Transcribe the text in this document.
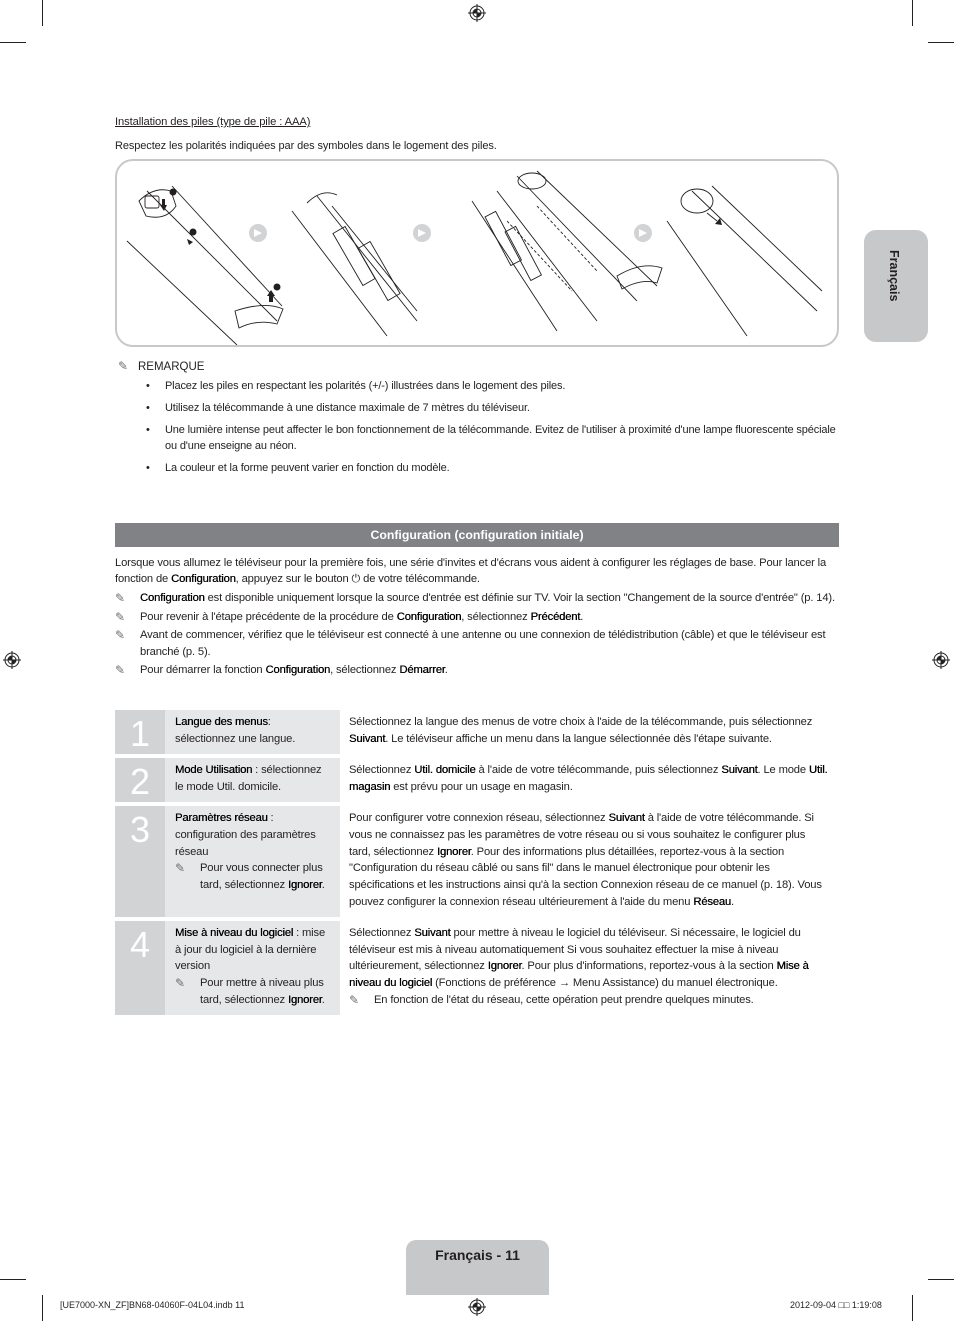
Installation des piles (type de pile : AAA)
Respectez les polarités indiquées par des symboles dans le logement des piles.
✎ REMARQUE
• Placez les piles en respectant les polarités (+/-) illustrées dans le logement des piles.
• Utilisez la télécommande à une distance maximale de 7 mètres du téléviseur.
• Une lumière intense peut affecter le bon fonctionnement de la télécommande. Evitez de l'utiliser à proximité d'une lampe fluorescente spéciale ou d'une enseigne au néon.
• La couleur et la forme peuvent varier en fonction du modèle.
Configuration (configuration initiale)
Lorsque vous allumez le téléviseur pour la première fois, une série d'invites et d'écrans vous aident à configurer les réglages de base. Pour lancer la fonction de Configuration, appuyez sur le bouton ⏻ de votre télécommande.
✎	Configuration est disponible uniquement lorsque la source d'entrée est définie sur TV. Voir la section "Changement de la source d'entrée" (p. 14).
✎	Pour revenir à l'étape précédente de la procédure de Configuration, sélectionnez Précédent.
✎	Avant de commencer, vérifiez que le téléviseur est connecté à une antenne ou une connexion de télédistribution (câble) et que le téléviseur est branché (p. 5).
✎	Pour démarrer la fonction Configuration, sélectionnez Démarrer.
1	Langue des menus: sélectionnez une langue.
Sélectionnez la langue des menus de votre choix à l'aide de la télécommande, puis sélectionnez Suivant. Le téléviseur affiche un menu dans la langue sélectionnée dès l'étape suivante.
2	Mode Utilisation : sélectionnez le mode Util. domicile.
Sélectionnez Util. domicile à l'aide de votre télécommande, puis sélectionnez Suivant. Le mode Util. magasin est prévu pour un usage en magasin.
3	Paramètres réseau : configuration des paramètres réseau
✎	Pour vous connecter plus tard, sélectionnez Ignorer.
Pour configurer votre connexion réseau, sélectionnez Suivant à l'aide de votre télécommande. Si vous ne connaissez pas les paramètres de votre réseau ou si vous souhaitez le configurer plus tard, sélectionnez Ignorer. Pour des informations plus détaillées, reportez-vous à la section "Configuration du réseau câblé ou sans fil" dans le manuel électronique pour obtenir les spécifications et les instructions ainsi qu'à la section Connexion réseau de ce manuel (p. 18). Vous pouvez configurer la connexion réseau ultérieurement à l'aide du menu Réseau.
4	Mise à niveau du logiciel : mise à jour du logiciel à la dernière version
✎	Pour mettre à niveau plus tard, sélectionnez Ignorer.
Sélectionnez Suivant pour mettre à niveau le logiciel du téléviseur. Si nécessaire, le logiciel du téléviseur est mis à niveau automatiquement Si vous souhaitez effectuer la mise à niveau ultérieurement, sélectionnez Ignorer. Pour plus d'informations, reportez-vous à la section Mise à niveau du logiciel (Fonctions de préférence → Menu Assistance) du manuel électronique.
✎	En fonction de l'état du réseau, cette opération peut prendre quelques minutes.
Français
Français - 11
[UE7000-XN_ZF]BN68-04060F-04L04.indb 11	2012-09-04 □□ 1:19:08
